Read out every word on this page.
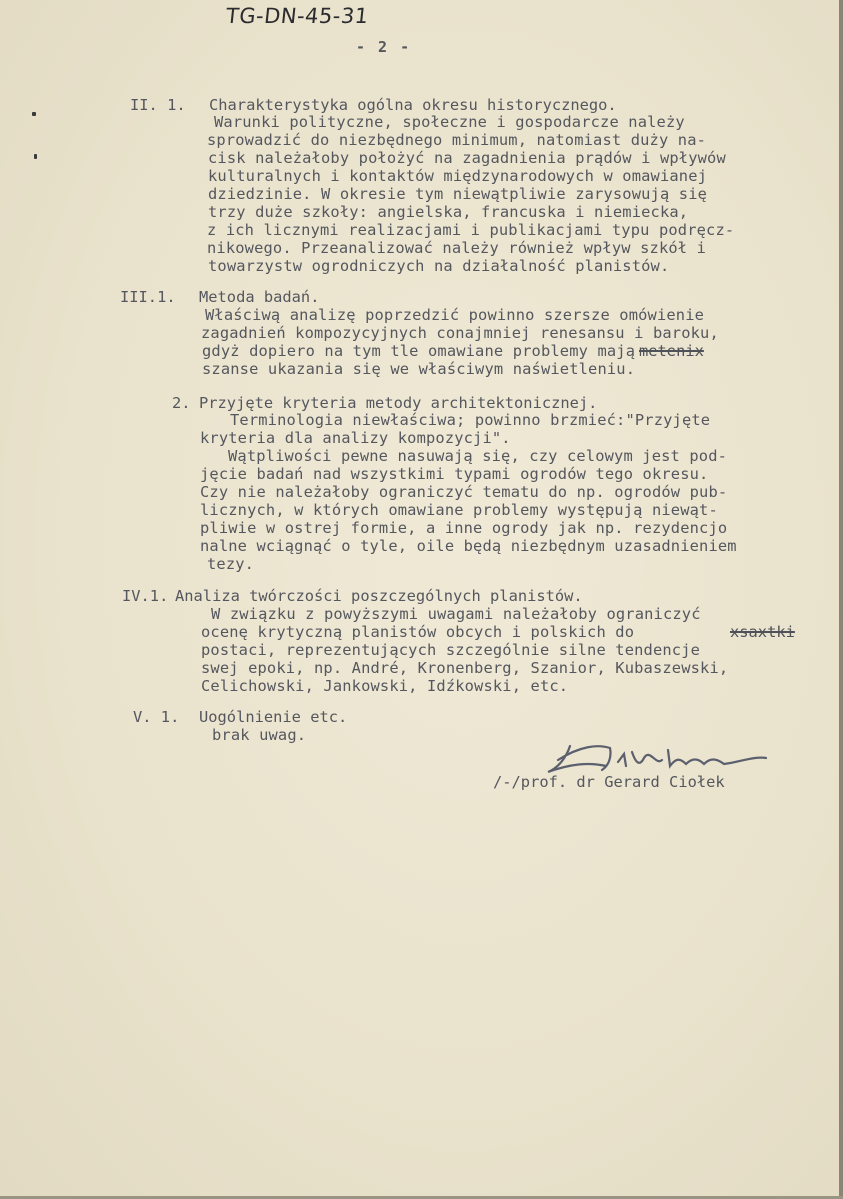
TG-DN-45-31
- 2 -
II. 1. Charakterystyka ogólna okresu historycznego.
Warunki polityczne, społeczne i gospodarcze należy
sprowadzić do niezbędnego minimum, natomiast duży na-
cisk należałoby położyć na zagadnienia prądów i wpływów
kulturalnych i kontaktów międzynarodowych w omawianej
dziedzinie. W okresie tym niewątpliwie zarysowują się
trzy duże szkoły: angielska, francuska i niemiecka,
z ich licznymi realizacjami i publikacjami typu podręcz-
nikowego. Przeanalizować należy również wpływ szkół i
towarzystw ogrodniczych na działalność planistów.
III.1. Metoda badań.
Właściwą analizę poprzedzić powinno szersze omówienie
zagadnień kompozycyjnych conajmniej renesansu i baroku,
gdyż dopiero na tym tle omawiane problemy mają metenix
szanse ukazania się we właściwym naświetleniu.
2. Przyjęte kryteria metody architektonicznej.
Terminologia niewłaściwa; powinno brzmieć:"Przyjęte
kryteria dla analizy kompozycji".
Wątpliwości pewne nasuwają się, czy celowym jest pod-
jęcie badań nad wszystkimi typami ogrodów tego okresu.
Czy nie należałoby ograniczyć tematu do np. ogrodów pub-
licznych, w których omawiane problemy występują niewąt-
pliwie w ostrej formie, a inne ogrody jak np. rezydencjo
nalne wciągnąć o tyle, oile będą niezbędnym uzasadnieniem
tezy.
IV.1. Analiza twórczości poszczególnych planistów.
W związku z powyższymi uwagami należałoby ograniczyć
ocenę krytyczną planistów obcych i polskich do	xsaxtki
postaci, reprezentujących szczególnie silne tendencje
swej epoki, np. André, Kronenberg, Szanior, Kubaszewski,
Celichowski, Jankowski, Idźkowski, etc.
V. 1. Uogólnienie etc.
brak uwag.
/-/prof. dr Gerard Ciołek
